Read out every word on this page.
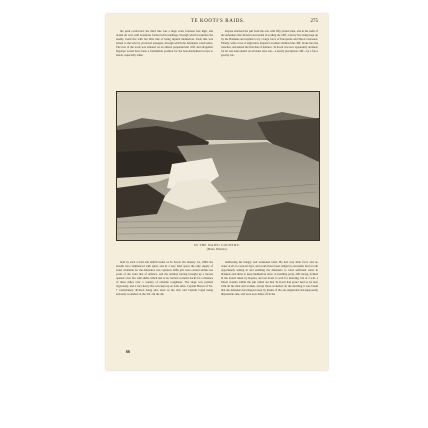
TE KOOTI'S RAIDS.	275

the peak contracted; the third line was a huge work fourteen feet high, and dotted all over with loopholes formed with sandbags, through which loopholes the enemy could fire with but little risk of being injured themselves. Each line was joined to the next by protected passages, through which the defenders could retire. The rear of the work was situated on an almost perpendicular cliff, and altogether Ngatapa would have been a formidable position for the best-disciplined troops to attack, especially when

Ropata attacked the pah from the rear with fifty picked men, and in the teeth of the defenders this division succeeded in scaling the cliff, a heavy fire being kept up by the Hauhaus and replied to by a large force of Europeans and Maori overseers. Finally, with a loss of eight men, Ropata's stormers climbed the cliff, broke into the trenches, and seized the first line of defence. Te Kooti was now apparently doomed, for he was surrounded on all sides save one—a nearly precipitous cliff—by a force greatly out-

IN THE WAIPU COUNTRY.
(Photo. Wharton.)

held by such a bold and skilful leader as Te Kooti. On January 1st, 1869, the assault was commenced with spirit, and in a very brief space the only supply of water available for the defenders was captured. Rifle pits were carried within one yards of the outer line of defence, and the artillery having brought up a mortar opened a hot fire with shells which had to be carried on men's backs for a distance of three miles over a country of extreme roughness. The siege was pressed vigorously, and a very heavy fire was kept up on both sides. Captain Brown of No. 7 constabulary division being shot dead on the 2nd, and Captain Capel being seriously wounded on the 3rd. On the 4th

numbering his hungry and weakened band. He had very little food, and no water at all, for several days, and would have been obliged to surrender but for rain opportunely setting in and enabling the defenders to catch sufficient water in blankets and shirts to keep themselves alive. A storming party, 200 strong, formed in the trench taken by Ropata, and sat down to wait for morning, but at 2 a.m. a Maori woman within the pah called out that Te Kooti had gone! And so he had, with all his men and women, except those wounded. In the morning it was found that the defenders had slipped away by means of the one unguarded and supposedly impassable side, and were now miles off in the

66
